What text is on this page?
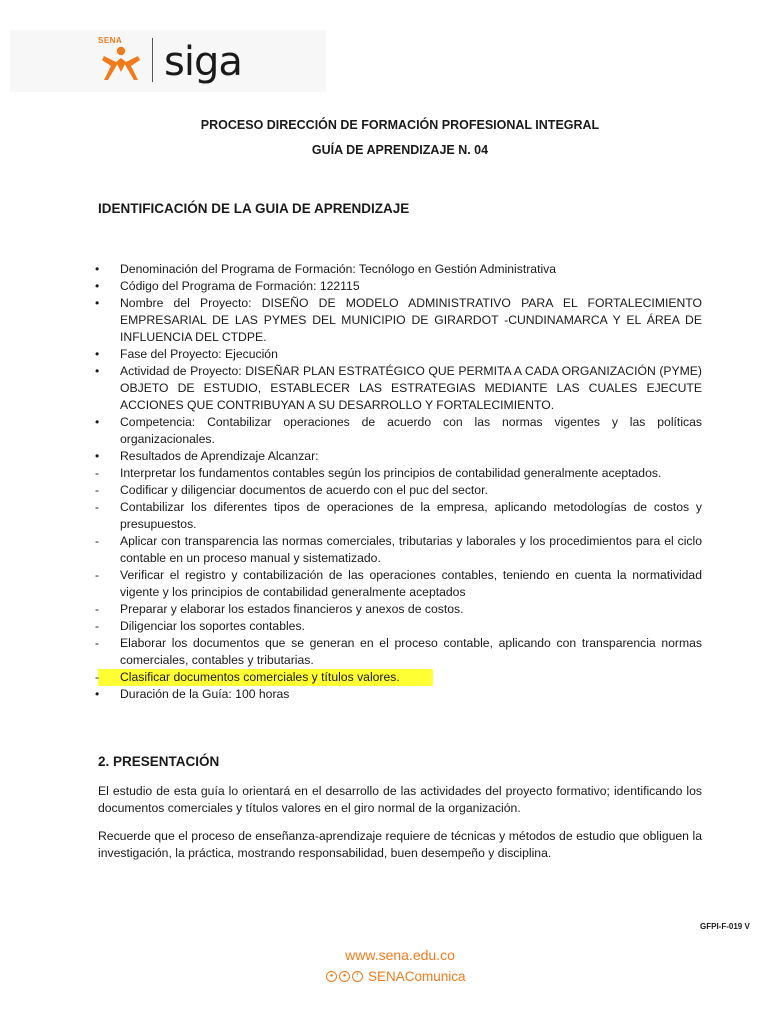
SENA siga
PROCESO DIRECCIÓN DE FORMACIÓN PROFESIONAL INTEGRAL
GUÍA DE APRENDIZAJE N. 04
IDENTIFICACIÓN DE LA GUIA DE APRENDIZAJE
Denominación del Programa de Formación: Tecnólogo en Gestión Administrativa
Código del Programa de Formación: 122115
Nombre del Proyecto: DISEÑO DE MODELO ADMINISTRATIVO PARA EL FORTALECIMIENTO EMPRESARIAL DE LAS PYMES DEL MUNICIPIO DE GIRARDOT -CUNDINAMARCA Y EL ÁREA DE INFLUENCIA DEL CTDPE.
Fase del Proyecto: Ejecución
Actividad de Proyecto: DISEÑAR PLAN ESTRATÉGICO QUE PERMITA A CADA ORGANIZACIÓN (PYME) OBJETO DE ESTUDIO, ESTABLECER LAS ESTRATEGIAS MEDIANTE LAS CUALES EJECUTE ACCIONES QUE CONTRIBUYAN A SU DESARROLLO Y FORTALECIMIENTO.
Competencia: Contabilizar operaciones de acuerdo con las normas vigentes y las políticas organizacionales.
Resultados de Aprendizaje Alcanzar:
Interpretar los fundamentos contables según los principios de contabilidad generalmente aceptados.
Codificar y diligenciar documentos de acuerdo con el puc del sector.
Contabilizar los diferentes tipos de operaciones de la empresa, aplicando metodologías de costos y presupuestos.
Aplicar con transparencia las normas comerciales, tributarias y laborales y los procedimientos para el ciclo contable en un proceso manual y sistematizado.
Verificar el registro y contabilización de las operaciones contables, teniendo en cuenta la normatividad vigente y los principios de contabilidad generalmente aceptados
Preparar y elaborar los estados financieros y anexos de costos.
Diligenciar los soportes contables.
Elaborar los documentos que se generan en el proceso contable, aplicando con transparencia normas comerciales, contables y tributarias.
Clasificar documentos comerciales y títulos valores.
Duración de la Guía: 100 horas
2. PRESENTACIÓN
El estudio de esta guía lo orientará en el desarrollo de las actividades del proyecto formativo; identificando los documentos comerciales y títulos valores en el giro normal de la organización.
Recuerde que el proceso de enseñanza-aprendizaje requiere de técnicas y métodos de estudio que obliguen la investigación, la práctica, mostrando responsabilidad, buen desempeño y disciplina.
GFPI-F-019 V
www.sena.edu.co
●	●	f SENAComunica
